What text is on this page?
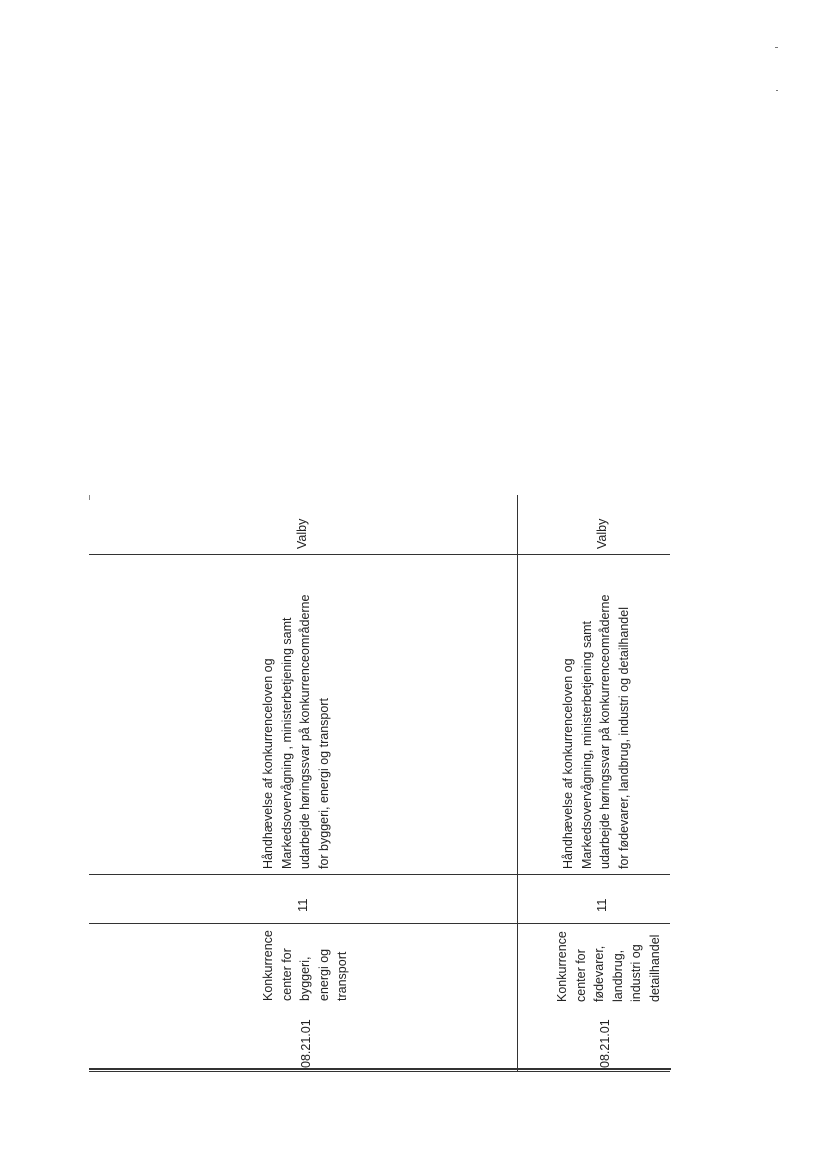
08.21.01
Konkurrence
center for
byggeri,
energi og
transport
11
Håndhævelse af konkurrenceloven og
Markedsovervågning , ministerbetjening samt
udarbejde høringssvar på konkurrenceområderne
for byggeri, energi og transport
Valby
08.21.01
Konkurrence
center for
fødevarer,
landbrug,
industri og
detailhandel
11
Håndhævelse af konkurrenceloven og
Markedsovervågning, ministerbetjening samt
udarbejde høringssvar på konkurrenceområderne
for fødevarer, landbrug, industri og detailhandel
Valby
